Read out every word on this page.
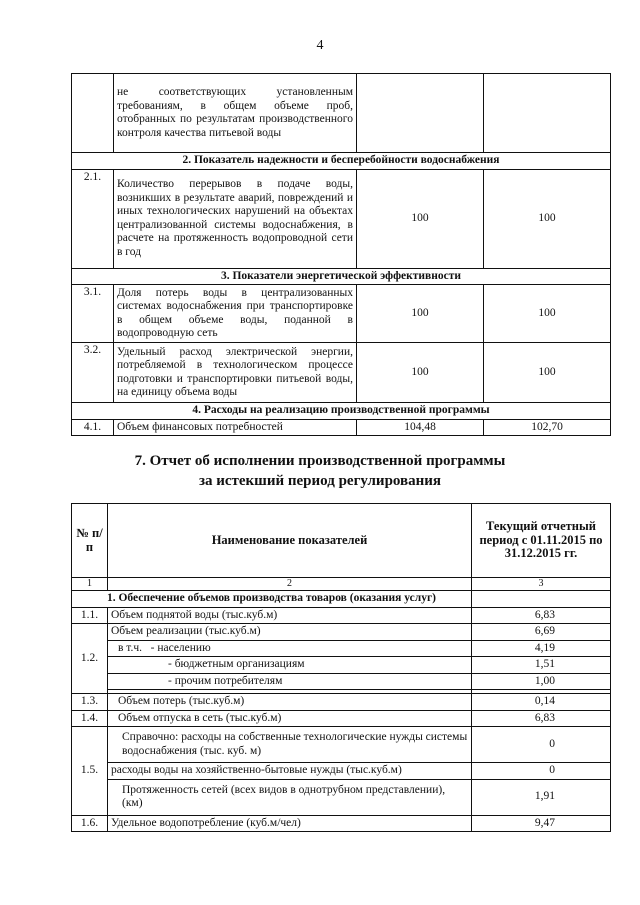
4
	не соответствующих установленным требованиям, в общем объеме проб, отобранных по результатам производственного контроля качества питьевой воды		
2. Показатель надежности и бесперебойности водоснабжения			
2.1.	Количество перерывов в подаче воды, возникших в результате аварий, повреждений и иных технологических нарушений на объектах централизованной системы водоснабжения, в расчете на протяженность водопроводной сети в год	100	100
3. Показатели энергетической эффективности			
3.1.	Доля потерь воды в централизованных системах водоснабжения при транспортировке в общем объеме воды, поданной в водопроводную сеть	100	100
3.2.	Удельный расход электрической энергии, потребляемой в технологическом процессе подготовки и транспортировки питьевой воды, на единицу объема воды	100	100
4. Расходы на реализацию производственной программы			
4.1.	Объем финансовых потребностей	104,48	102,70
7. Отчет об исполнении производственной программы
за истекший период регулирования
№ п/п	Наименование показателей	Текущий отчетный период с 01.11.2015 по 31.12.2015 гг.
1	2	3
1. Обеспечение объемов производства товаров (оказания услуг)		
1.1.	Объем поднятой воды (тыс.куб.м)	6,83
1.2.	Объем реализации (тыс.куб.м)	6,69
	в т.ч. - населению	4,19
	- бюджетным организациям	1,51
	- прочим потребителям	1,00

1.3.	Объем потерь (тыс.куб.м)	0,14
1.4.	Объем отпуска в сеть (тыс.куб.м)	6,83
1.5.	Справочно: расходы на собственные технологические нужды системы водоснабжения (тыс. куб. м)	0
	расходы воды на хозяйственно-бытовые нужды (тыс.куб.м)	0
	Протяженность сетей (всех видов в однотрубном представлении), (км)	1,91
1.6.	Удельное водопотребление (куб.м/чел)	9,47
